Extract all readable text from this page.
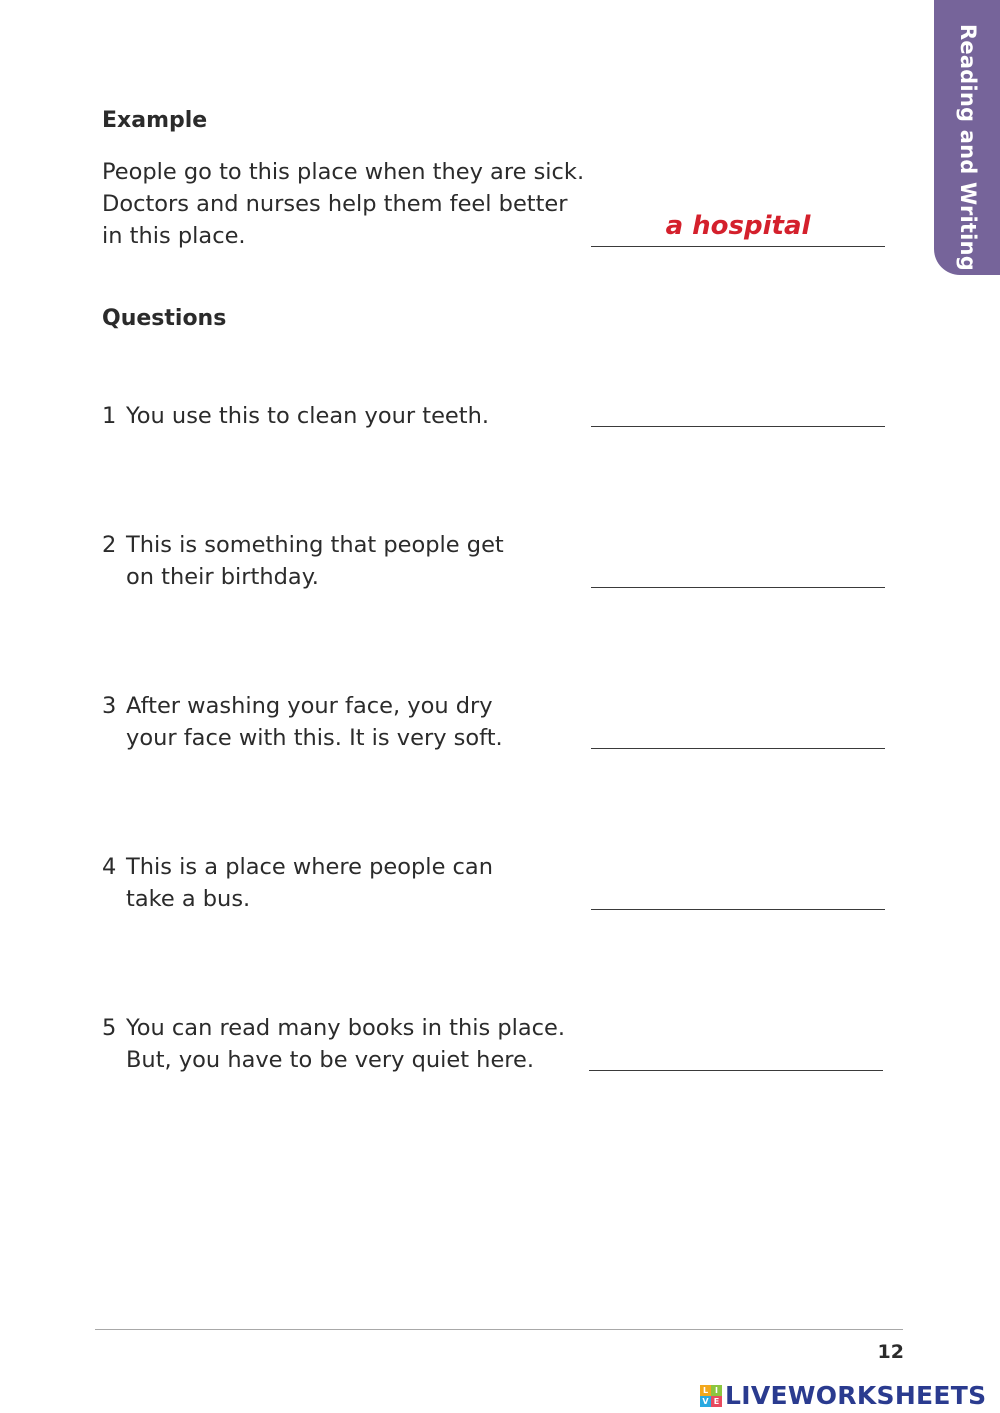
Reading and Writing
Example
People go to this place when they are sick.
Doctors and nurses help them feel better
in this place.	a hospital
Questions
1 You use this to clean your teeth.
2 This is something that people get
on their birthday.
3 After washing your face, you dry
your face with this. It is very soft.
4 This is a place where people can
take a bus.
5 You can read many books in this place.
But, you have to be very quiet here.
12
L I
V E LIVEWORKSHEETS
